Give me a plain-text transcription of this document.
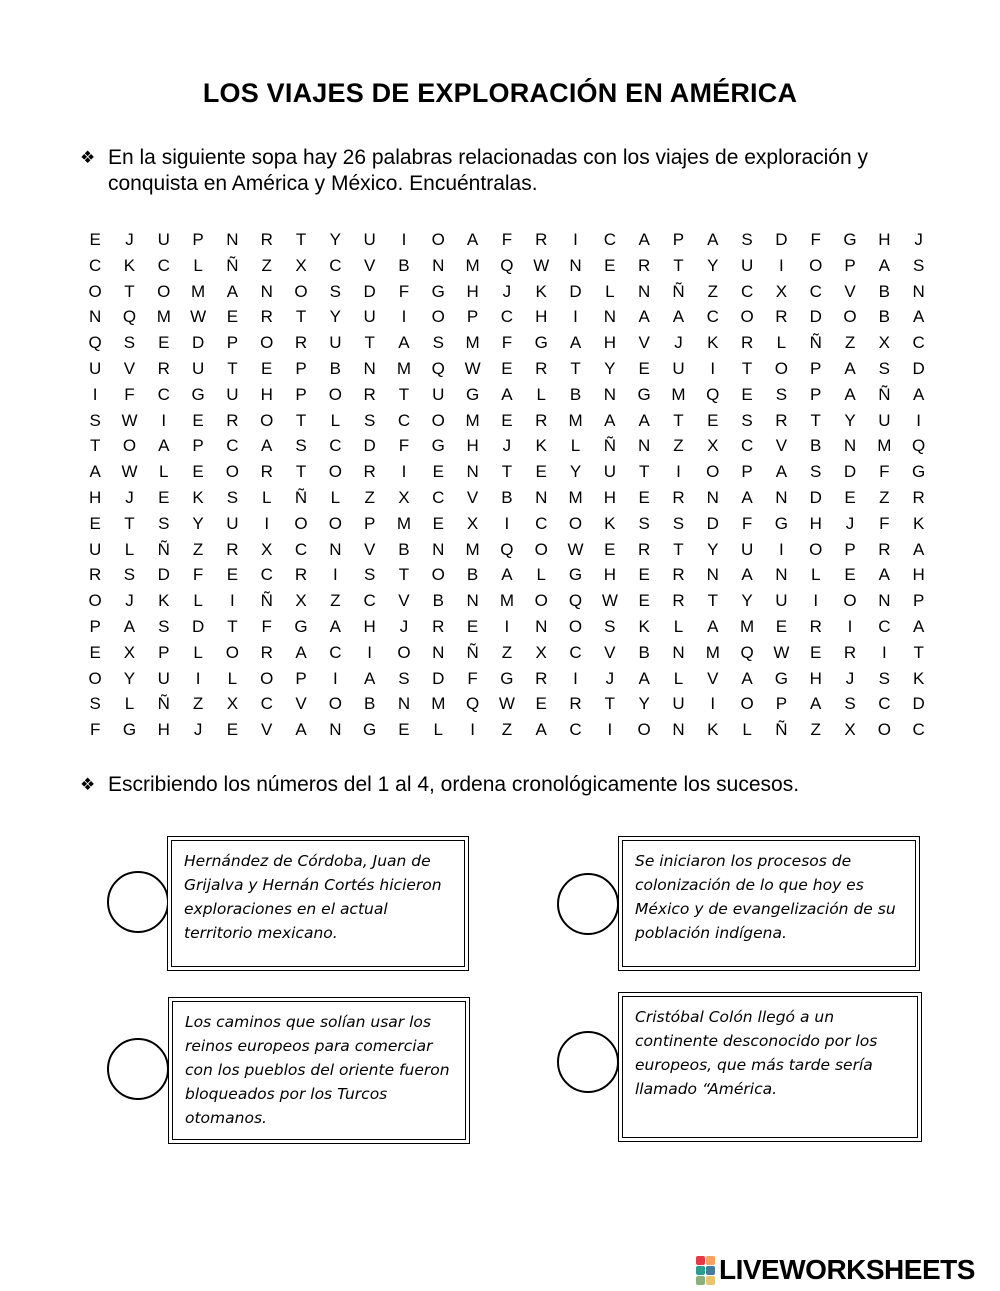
LOS VIAJES DE EXPLORACIÓN EN AMÉRICA
❖ En la siguiente sopa hay 26 palabras relacionadas con los viajes de exploración y conquista en América y México. Encuéntralas.
E	J	U	P	N	R	T	Y	U	I	O	A	F	R	I	C	A	P	A	S	D	F	G	H	J
C	K	C	L	Ñ	Z	X	C	V	B	N	M	Q	W	N	E	R	T	Y	U	I	O	P	A	S
O	T	O	M	A	N	O	S	D	F	G	H	J	K	D	L	N	Ñ	Z	C	X	C	V	B	N
N	Q	M	W	E	R	T	Y	U	I	O	P	C	H	I	N	A	A	C	O	R	D	O	B	A
Q	S	E	D	P	O	R	U	T	A	S	M	F	G	A	H	V	J	K	R	L	Ñ	Z	X	C
U	V	R	U	T	E	P	B	N	M	Q	W	E	R	T	Y	E	U	I	T	O	P	A	S	D
I	F	C	G	U	H	P	O	R	T	U	G	A	L	B	N	G	M	Q	E	S	P	A	Ñ	A
S	W	I	E	R	O	T	L	S	C	O	M	E	R	M	A	A	T	E	S	R	T	Y	U	I
T	O	A	P	C	A	S	C	D	F	G	H	J	K	L	Ñ	N	Z	X	C	V	B	N	M	Q
A	W	L	E	O	R	T	O	R	I	E	N	T	E	Y	U	T	I	O	P	A	S	D	F	G
H	J	E	K	S	L	Ñ	L	Z	X	C	V	B	N	M	H	E	R	N	A	N	D	E	Z	R
E	T	S	Y	U	I	O	O	P	M	E	X	I	C	O	K	S	S	D	F	G	H	J	F	K
U	L	Ñ	Z	R	X	C	N	V	B	N	M	Q	O	W	E	R	T	Y	U	I	O	P	R	A
R	S	D	F	E	C	R	I	S	T	O	B	A	L	G	H	E	R	N	A	N	L	E	A	H
O	J	K	L	I	Ñ	X	Z	C	V	B	N	M	O	Q	W	E	R	T	Y	U	I	O	N	P
P	A	S	D	T	F	G	A	H	J	R	E	I	N	O	S	K	L	A	M	E	R	I	C	A
E	X	P	L	O	R	A	C	I	O	N	Ñ	Z	X	C	V	B	N	M	Q	W	E	R	I	T
O	Y	U	I	L	O	P	I	A	S	D	F	G	R	I	J	A	L	V	A	G	H	J	S	K
S	L	Ñ	Z	X	C	V	O	B	N	M	Q	W	E	R	T	Y	U	I	O	P	A	S	C	D
F	G	H	J	E	V	A	N	G	E	L	I	Z	A	C	I	O	N	K	L	Ñ	Z	X	O	C
❖ Escribiendo los números del 1 al 4, ordena cronológicamente los sucesos.
Hernández de Córdoba, Juan de Grijalva y Hernán Cortés hicieron exploraciones en el actual territorio mexicano.
Se iniciaron los procesos de colonización de lo que hoy es México y de evangelización de su población indígena.
Los caminos que solían usar los reinos europeos para comerciar con los pueblos del oriente fueron bloqueados por los Turcos otomanos.
Cristóbal Colón llegó a un continente desconocido por los europeos, que más tarde sería llamado “América.
LIVEWORKSHEETS
